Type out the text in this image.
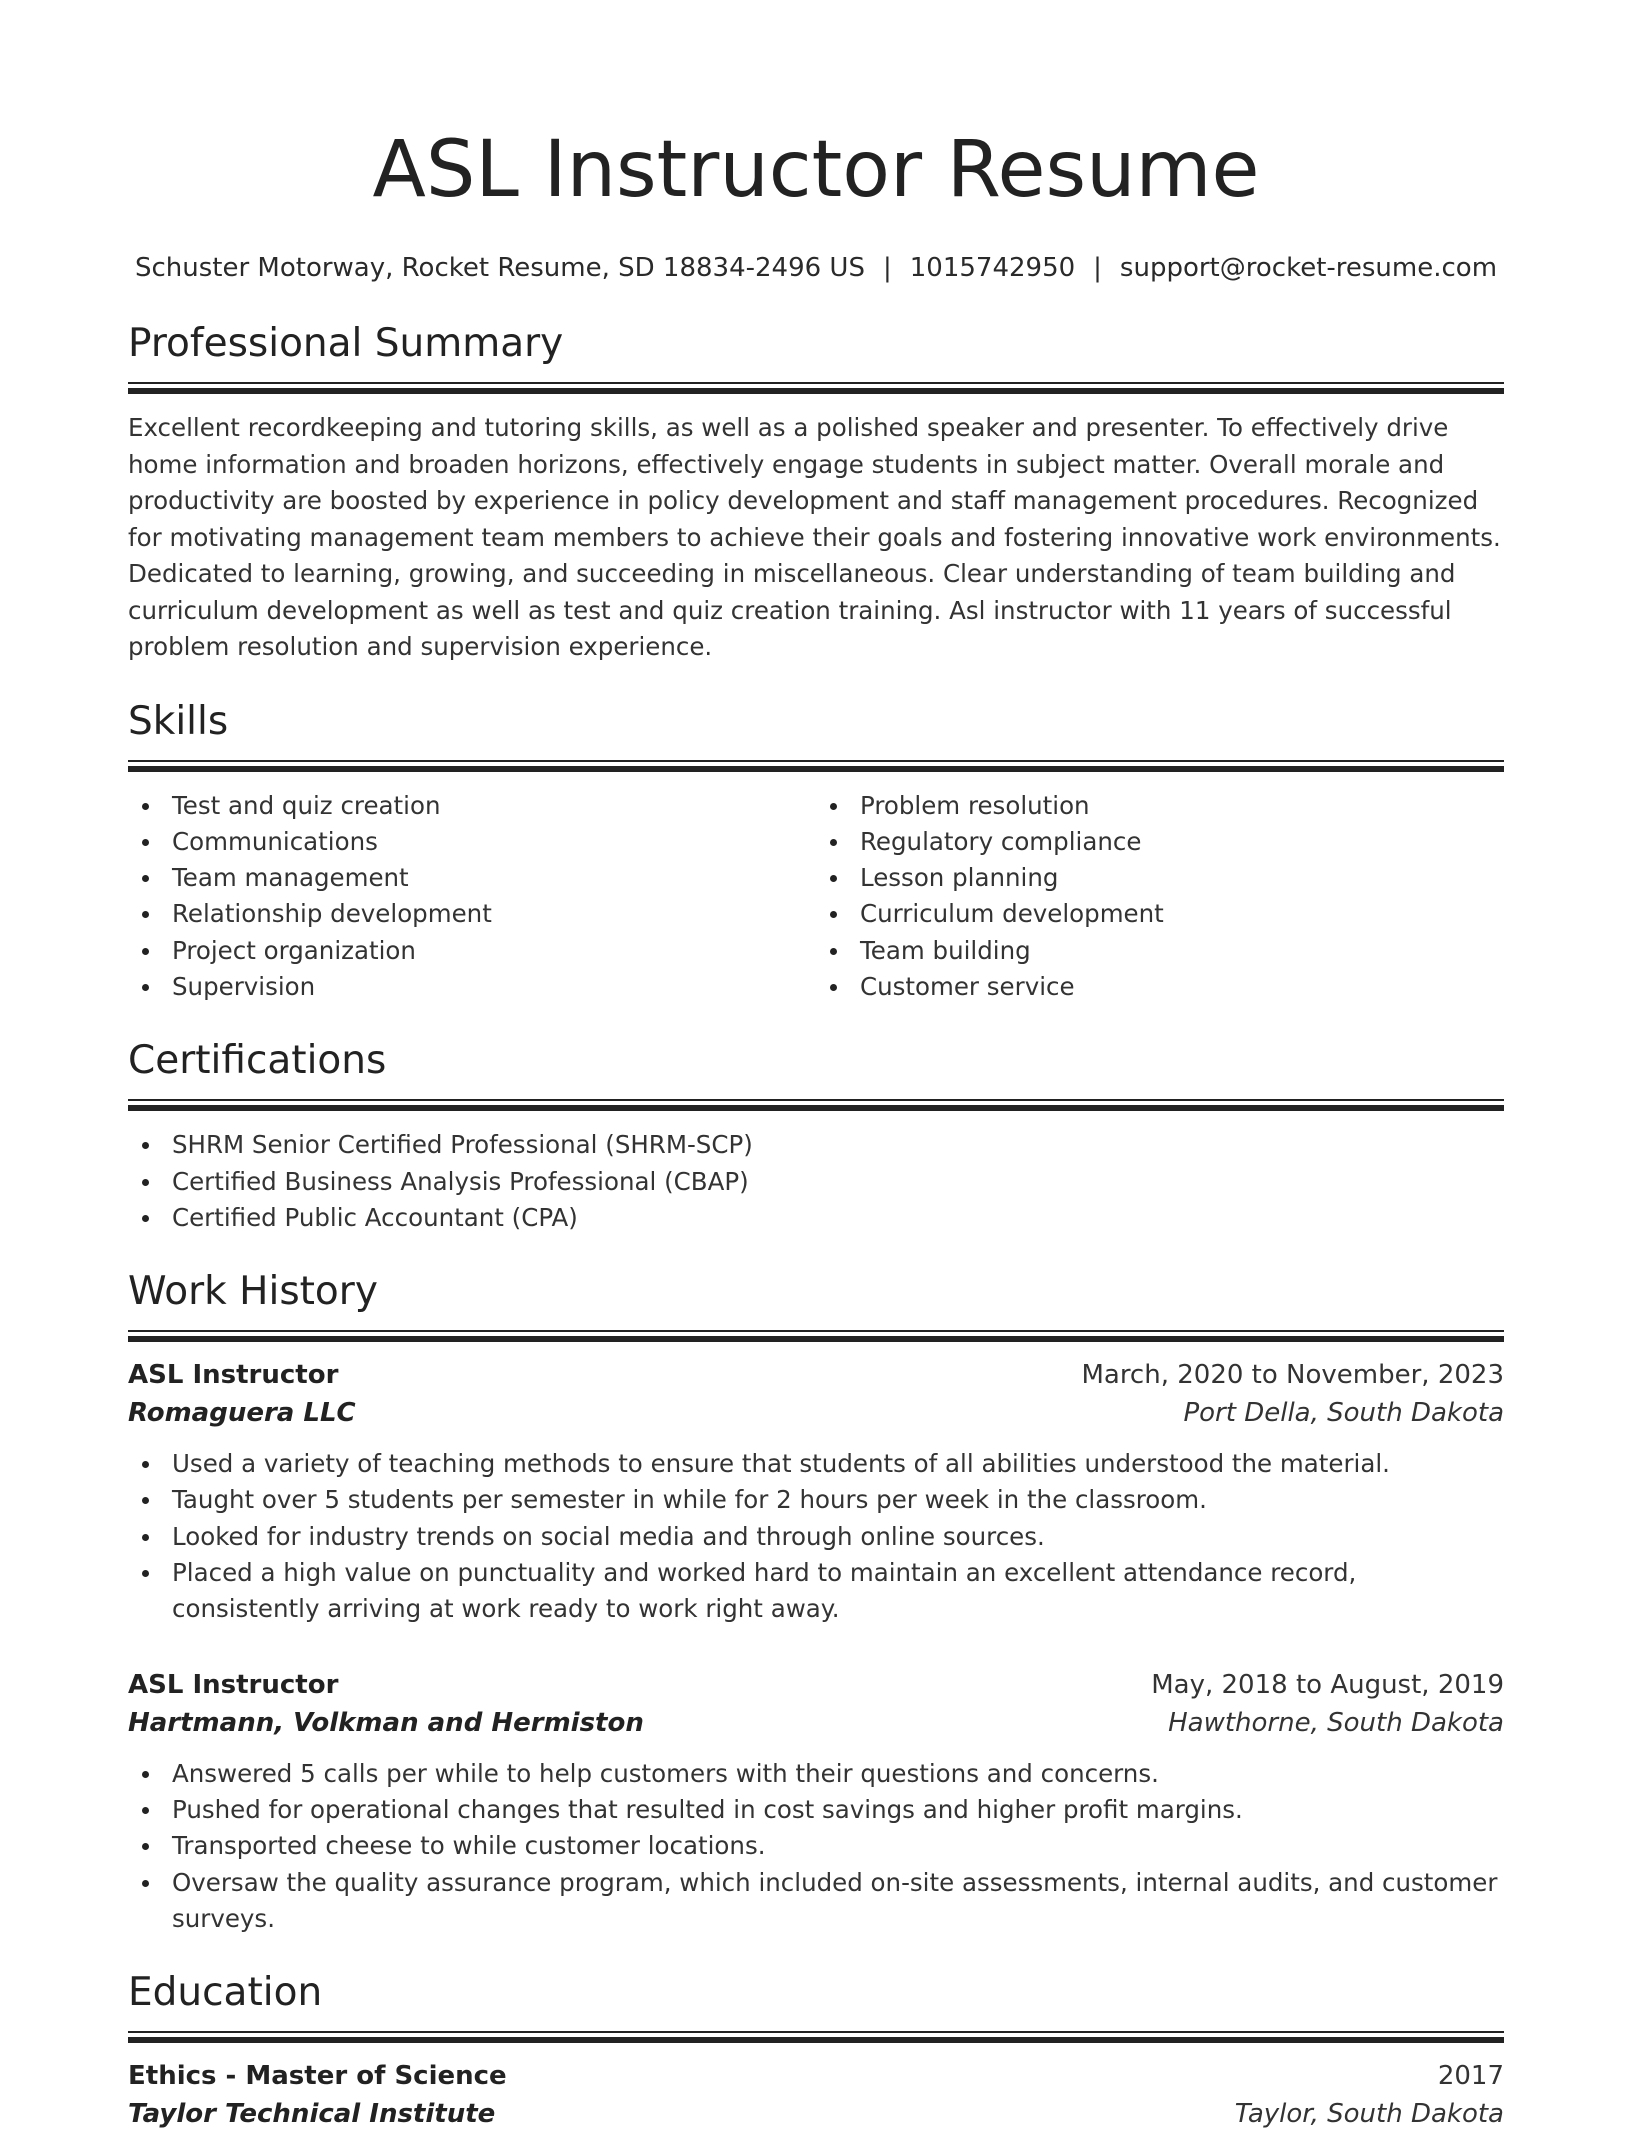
ASL Instructor Resume
Schuster Motorway, Rocket Resume, SD 18834-2496 US | 1015742950 | support@rocket-resume.com
Professional Summary
Excellent recordkeeping and tutoring skills, as well as a polished speaker and presenter. To effectively drive home information and broaden horizons, effectively engage students in subject matter. Overall morale and productivity are boosted by experience in policy development and staff management procedures. Recognized for motivating management team members to achieve their goals and fostering innovative work environments. Dedicated to learning, growing, and succeeding in miscellaneous. Clear understanding of team building and curriculum development as well as test and quiz creation training. Asl instructor with 11 years of successful problem resolution and supervision experience.
Skills
Test and quiz creation
Communications
Team management
Relationship development
Project organization
Supervision
Problem resolution
Regulatory compliance
Lesson planning
Curriculum development
Team building
Customer service
Certifications
SHRM Senior Certified Professional (SHRM-SCP)
Certified Business Analysis Professional (CBAP)
Certified Public Accountant (CPA)
Work History
ASL Instructor	March, 2020 to November, 2023
Romaguera LLC	Port Della, South Dakota
Used a variety of teaching methods to ensure that students of all abilities understood the material.
Taught over 5 students per semester in while for 2 hours per week in the classroom.
Looked for industry trends on social media and through online sources.
Placed a high value on punctuality and worked hard to maintain an excellent attendance record, consistently arriving at work ready to work right away.
ASL Instructor	May, 2018 to August, 2019
Hartmann, Volkman and Hermiston	Hawthorne, South Dakota
Answered 5 calls per while to help customers with their questions and concerns.
Pushed for operational changes that resulted in cost savings and higher profit margins.
Transported cheese to while customer locations.
Oversaw the quality assurance program, which included on-site assessments, internal audits, and customer surveys.
Education
Ethics - Master of Science	2017
Taylor Technical Institute	Taylor, South Dakota
